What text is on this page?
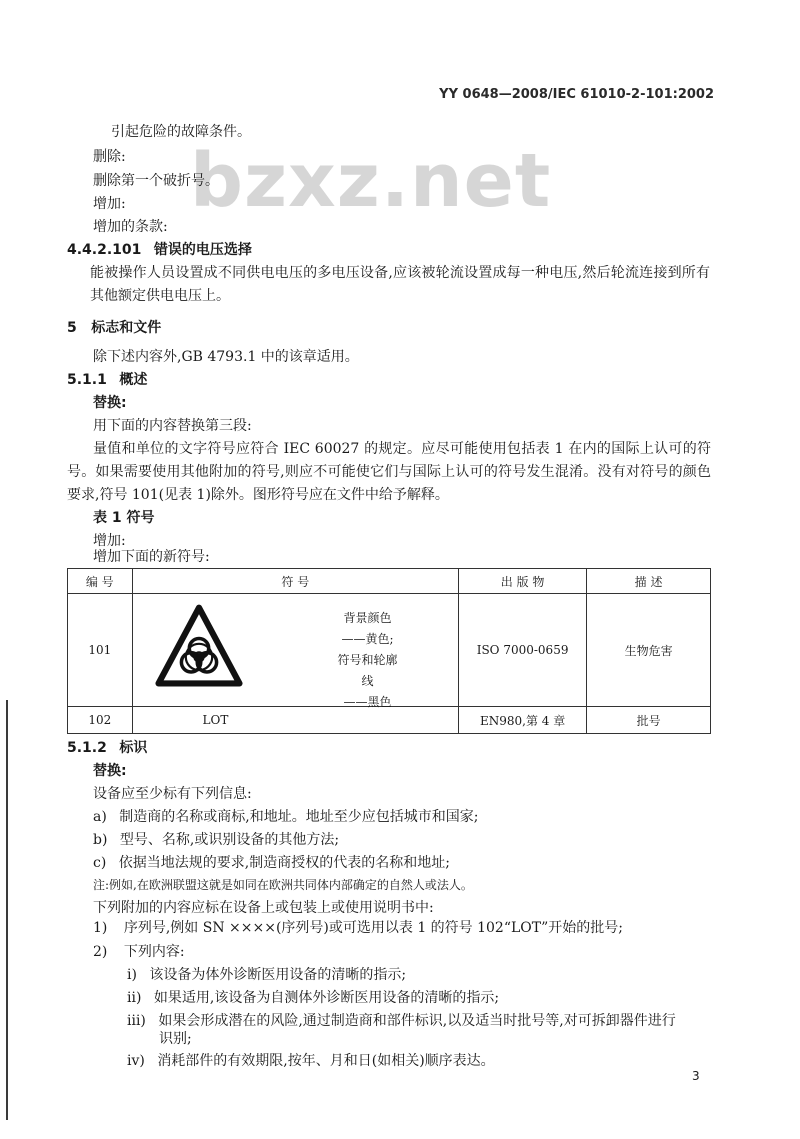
bzxz.net
YY 0648—2008/IEC 61010-2-101:2002
引起危险的故障条件。
删除:
删除第一个破折号。
增加:
增加的条款:
4.4.2.101 错误的电压选择
能被操作人员设置成不同供电电压的多电压设备,应该被轮流设置成每一种电压,然后轮流连接到所有其他额定供电电压上。
5 标志和文件
除下述内容外,GB 4793.1 中的该章适用。
5.1.1 概述
替换:
用下面的内容替换第三段:
量值和单位的文字符号应符合 IEC 60027 的规定。应尽可能使用包括表 1 在内的国际上认可的符号。如果需要使用其他附加的符号,则应不可能使它们与国际上认可的符号发生混淆。没有对符号的颜色要求,符号 101(见表 1)除外。图形符号应在文件中给予解释。
表 1 符号
增加:
增加下面的新符号:
编 号	符 号	出 版 物	描 述
101	背景颜色
——黄色;
符号和轮廓线
——黑色	ISO 7000-0659	生物危害
102	LOT	EN980,第 4 章	批号
5.1.2 标识
替换:
设备应至少标有下列信息:
a) 制造商的名称或商标,和地址。地址至少应包括城市和国家;
b) 型号、名称,或识别设备的其他方法;
c) 依据当地法规的要求,制造商授权的代表的名称和地址;
注:例如,在欧洲联盟这就是如同在欧洲共同体内部确定的自然人或法人。
下列附加的内容应标在设备上或包装上或使用说明书中:
1) 序列号,例如 SN ××××(序列号)或可选用以表 1 的符号 102“LOT”开始的批号;
2) 下列内容:
ⅰ) 该设备为体外诊断医用设备的清晰的指示;
ⅱ) 如果适用,该设备为自测体外诊断医用设备的清晰的指示;
ⅲ) 如果会形成潜在的风险,通过制造商和部件标识,以及适当时批号等,对可拆卸器件进行
识别;
ⅳ) 消耗部件的有效期限,按年、月和日(如相关)顺序表达。
3
